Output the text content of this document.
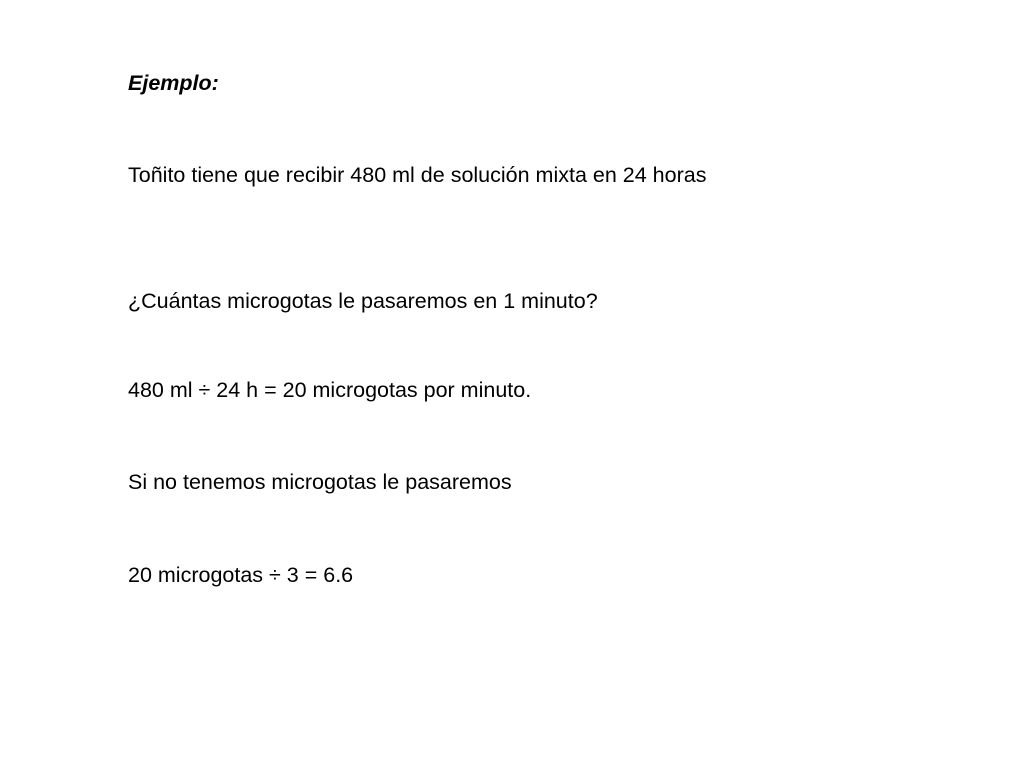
Ejemplo:

Toñito tiene que recibir 480 ml de solución mixta en 24 horas

¿Cuántas microgotas le pasaremos en 1 minuto?

480 ml ÷ 24 h = 20 microgotas por minuto.

Si no tenemos microgotas le pasaremos

20 microgotas ÷ 3 = 6.6
